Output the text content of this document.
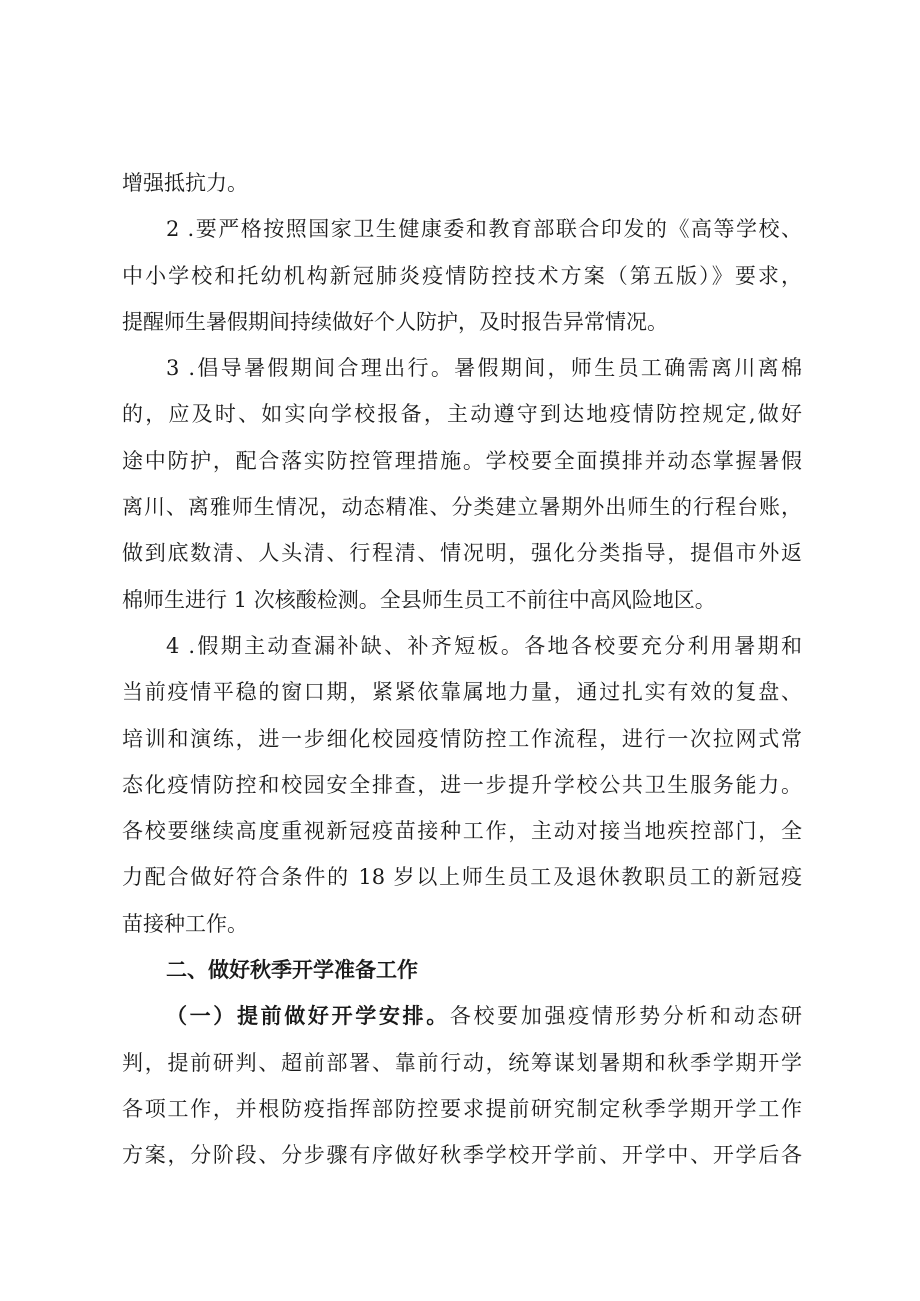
增强抵抗力。
2 .要严格按照国家卫生健康委和教育部联合印发的《高等学校、
中小学校和托幼机构新冠肺炎疫情防控技术方案（第五版）》要求，
提醒师生暑假期间持续做好个人防护，及时报告异常情况。
3 .倡导暑假期间合理出行。暑假期间，师生员工确需离川离棉
的，应及时、如实向学校报备，主动遵守到达地疫情防控规定,做好
途中防护，配合落实防控管理措施。学校要全面摸排并动态掌握暑假
离川、离雅师生情况，动态精准、分类建立暑期外出师生的行程台账，
做到底数清、人头清、行程清、情况明，强化分类指导，提倡市外返
棉师生进行 1 次核酸检测。全县师生员工不前往中高风险地区。
4 .假期主动查漏补缺、补齐短板。各地各校要充分利用暑期和
当前疫情平稳的窗口期，紧紧依靠属地力量，通过扎实有效的复盘、
培训和演练，进一步细化校园疫情防控工作流程，进行一次拉网式常
态化疫情防控和校园安全排查，进一步提升学校公共卫生服务能力。
各校要继续高度重视新冠疫苗接种工作，主动对接当地疾控部门，全
力配合做好符合条件的 18 岁以上师生员工及退休教职员工的新冠疫
苗接种工作。
二、做好秋季开学准备工作
（一）提前做好开学安排。各校要加强疫情形势分析和动态研
判，提前研判、超前部署、靠前行动，统筹谋划暑期和秋季学期开学
各项工作，并根防疫指挥部防控要求提前研究制定秋季学期开学工作
方案，分阶段、分步骤有序做好秋季学校开学前、开学中、开学后各
